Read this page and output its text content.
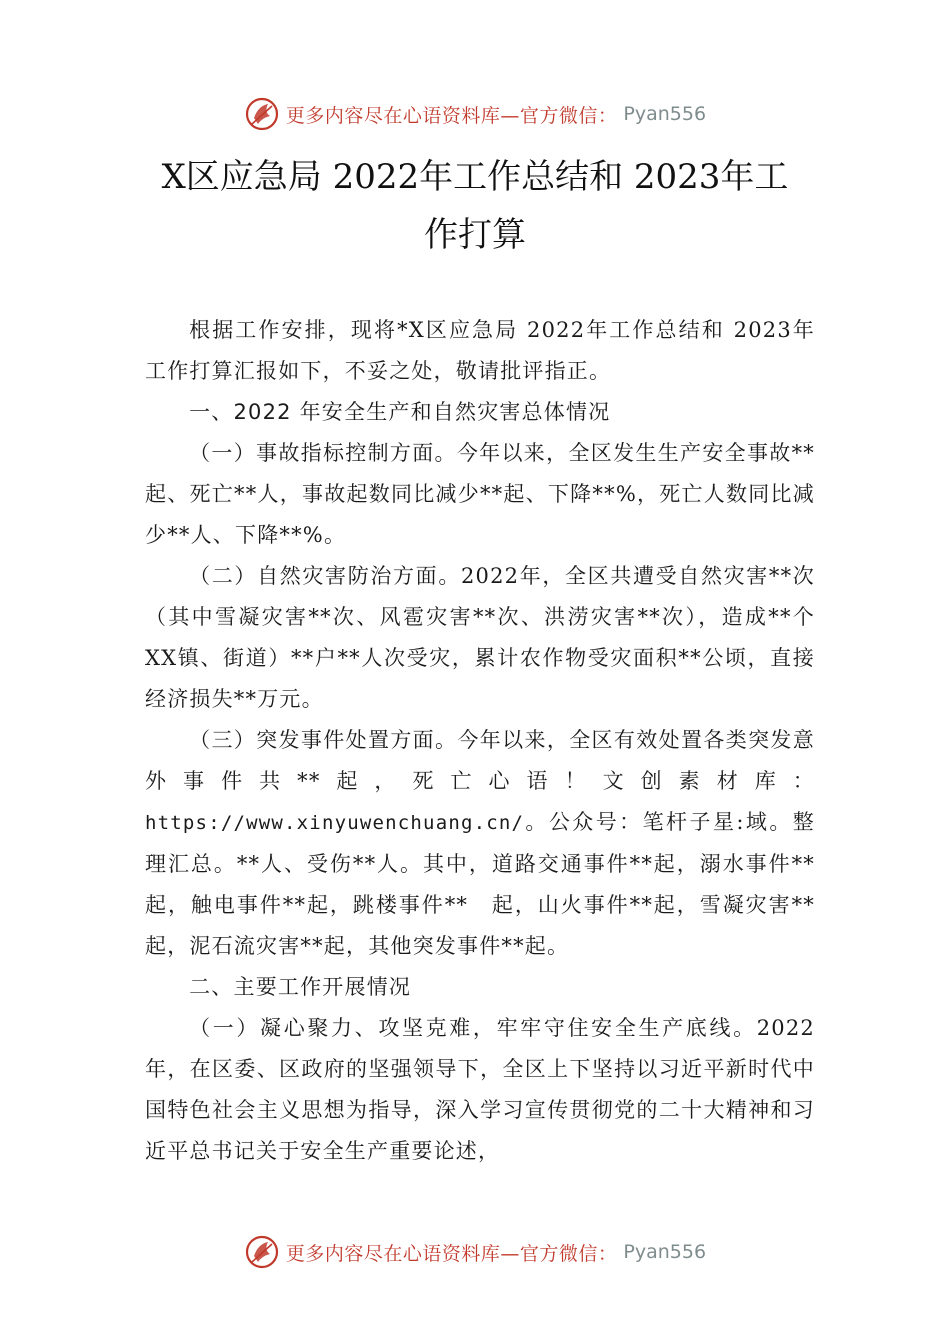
更多内容尽在心语资料库—官方微信： Pyan556
X区应急局 2022年工作总结和 2023年工
作打算

根据工作安排，现将*X区应急局 2022年工作总结和 2023年工作打算汇报如下，不妥之处，敬请批评指正。

一、2022 年安全生产和自然灾害总体情况

（一）事故指标控制方面。今年以来，全区发生生产安全事故**起、死亡**人，事故起数同比减少**起、下降**%，死亡人数同比减少**人、下降**%。

（二）自然灾害防治方面。2022年，全区共遭受自然灾害**次（其中雪凝灾害**次、风雹灾害**次、洪涝灾害**次），造成**个XX镇、街道）**户**人次受灾，累计农作物受灾面积**公顷，直接经济损失**万元。

（三）突发事件处置方面。今年以来，全区有效处置各类突发意外事件共**起，死亡心语！文创素材库：https://www.xinyuwenchuang.cn/。公众号：笔杆子星:域。整理汇总。**人、受伤**人。其中，道路交通事件**起，溺水事件**起，触电事件**起，跳楼事件**　起，山火事件**起，雪凝灾害**起，泥石流灾害**起，其他突发事件**起。

二、主要工作开展情况

（一）凝心聚力、攻坚克难，牢牢守住安全生产底线。2022年，在区委、区政府的坚强领导下，全区上下坚持以习近平新时代中国特色社会主义思想为指导，深入学习宣传贯彻党的二十大精神和习近平总书记关于安全生产重要论述，

更多内容尽在心语资料库—官方微信： Pyan556
